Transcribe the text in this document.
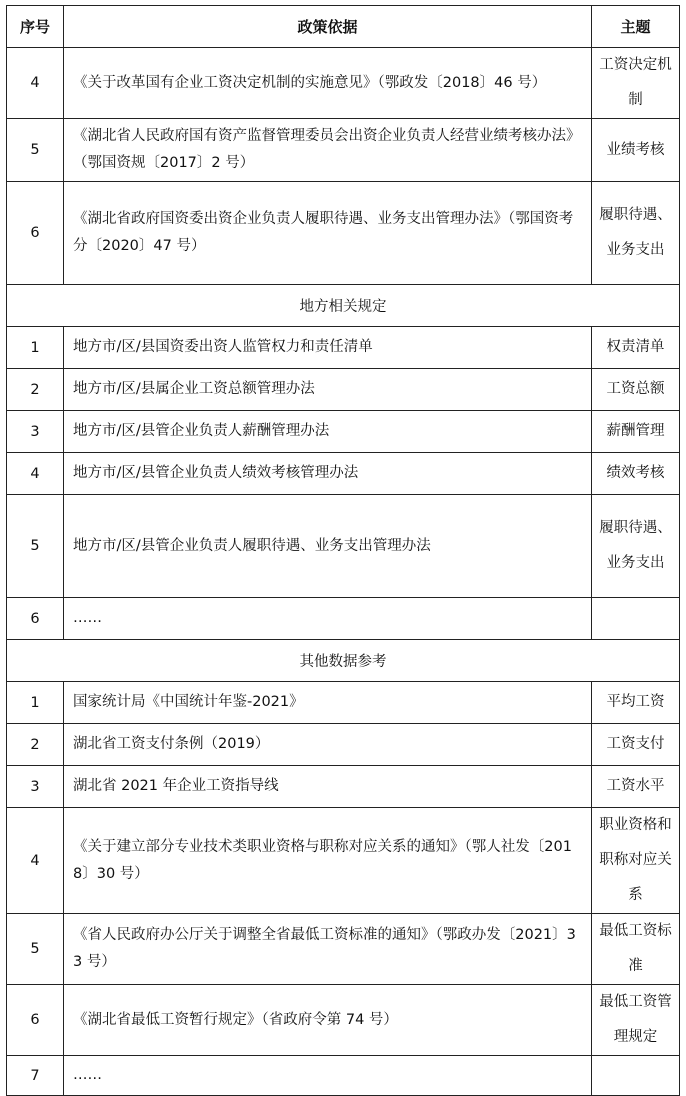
序号	政策依据	主题
4	《关于改革国有企业工资决定机制的实施意见》（鄂政发〔2018〕46 号）	工资决定机制
5	《湖北省人民政府国有资产监督管理委员会出资企业负责人经营业绩考核办法》（鄂国资规〔2017〕2 号）	业绩考核
6	《湖北省政府国资委出资企业负责人履职待遇、业务支出管理办法》（鄂国资考分〔2020〕47 号）	履职待遇、业务支出
地方相关规定		
1	地方市/区/县国资委出资人监管权力和责任清单	权责清单
2	地方市/区/县属企业工资总额管理办法	工资总额
3	地方市/区/县管企业负责人薪酬管理办法	薪酬管理
4	地方市/区/县管企业负责人绩效考核管理办法	绩效考核
5	地方市/区/县管企业负责人履职待遇、业务支出管理办法	履职待遇、业务支出
6	……	
其他数据参考		
1	国家统计局《中国统计年鉴-2021》	平均工资
2	湖北省工资支付条例（2019）	工资支付
3	湖北省 2021 年企业工资指导线	工资水平
4	《关于建立部分专业技术类职业资格与职称对应关系的通知》（鄂人社发〔2018〕30 号）	职业资格和职称对应关系
5	《省人民政府办公厅关于调整全省最低工资标准的通知》（鄂政办发〔2021〕33 号）	最低工资标准
6	《湖北省最低工资暂行规定》（省政府令第 74 号）	最低工资管理规定
7	……	
